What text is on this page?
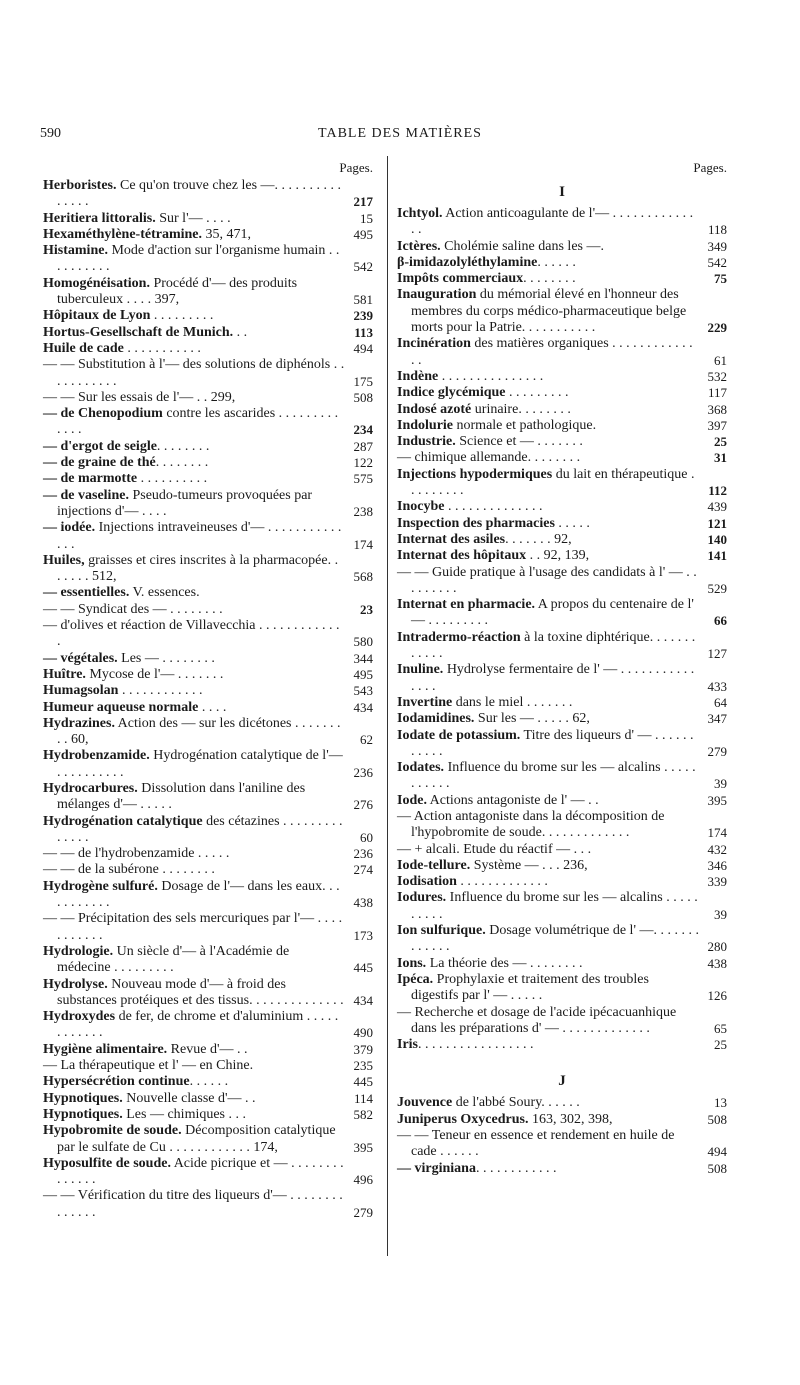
590	TABLE DES MATIÈRES
Pages.
Herboristes. Ce qu'on trouve chez les —. . . . . . . . . . . . . . .	217
Heritiera littoralis. Sur l'— . . . .	15
Hexaméthylène-tétramine. 35, 471,	495
Histamine. Mode d'action sur l'organisme humain . . . . . . . . . .	542
Homogénéisation. Procédé d'— des produits tuberculeux . . . . 397,	581
Hôpitaux de Lyon . . . . . . . . .	239
Hortus-Gesellschaft de Munich. . .	113
Huile de cade . . . . . . . . . . .	494
— — Substitution à l'— des solutions de diphénols . . . . . . . . . . .	175
— — Sur les essais de l'— . . 299,	508
— de Chenopodium contre les ascarides . . . . . . . . . . . . .	234
— d'ergot de seigle. . . . . . . .	287
— de graine de thé. . . . . . . .	122
— de marmotte . . . . . . . . . .	575
— de vaseline. Pseudo-tumeurs provoquées par injections d'— . . . .	238
— iodée. Injections intraveineuses d'— . . . . . . . . . . . . . .	174
Huiles, graisses et cires inscrites à la pharmacopée. . . . . . . 512,	568
— essentielles. V. essences.
— — Syndicat des — . . . . . . . .	23
— d'olives et réaction de Villavecchia . . . . . . . . . . . . .	580
— végétales. Les — . . . . . . . .	344
Huître. Mycose de l'— . . . . . . .	495
Humagsolan . . . . . . . . . . . .	543
Humeur aqueuse normale . . . .	434
Hydrazines. Action des — sur les dicétones . . . . . . . . . 60,	62
Hydrobenzamide. Hydrogénation catalytique de l'— . . . . . . . . . .	236
Hydrocarbures. Dissolution dans l'aniline des mélanges d'— . . . . .	276
Hydrogénation catalytique des cétazines . . . . . . . . . . . . . .	60
— — de l'hydrobenzamide . . . . .	236
— — de la subérone . . . . . . . .	274
Hydrogène sulfuré. Dosage de l'— dans les eaux. . . . . . . . . . .	438
— — Précipitation des sels mercuriques par l'— . . . . . . . . . . .	173
Hydrologie. Un siècle d'— à l'Académie de médecine . . . . . . . . .	445
Hydrolyse. Nouveau mode d'— à froid des substances protéiques et des tissus. . . . . . . . . . . . . . 434
Hydroxydes de fer, de chrome et d'aluminium . . . . . . . . . . . .	490
Hygiène alimentaire. Revue d'— . .	379
— La thérapeutique et l' — en Chine.	235
Hypersécrétion continue. . . . . .	445
Hypnotiques. Nouvelle classe d'— . .	114
Hypnotiques. Les — chimiques . . .	582
Hypobromite de soude. Décomposition catalytique par le sulfate de Cu . . . . . . . . . . . . 174,	395
Hyposulfite de soude. Acide picrique et — . . . . . . . . . . . . . .	496
— — Vérification du titre des liqueurs d'— . . . . . . . . . . . . . .	279
Pages.
I
Ichtyol. Action anticoagulante de l'— . . . . . . . . . . . . . .	118
Ictères. Cholémie saline dans les —.	349
β-imidazolyléthylamine. . . . . .	542
Impôts commerciaux. . . . . . . .	75
Inauguration du mémorial élevé en l'honneur des membres du corps médico-pharmaceutique belge morts pour la Patrie. . . . . . . . . . .	229
Incinération des matières organiques . . . . . . . . . . . . . .	61
Indène . . . . . . . . . . . . . . .	532
Indice glycémique . . . . . . . . .	117
Indosé azoté urinaire. . . . . . . .	368
Indolurie normale et pathologique.	397
Industrie. Science et — . . . . . . .	25
— chimique allemande. . . . . . . .	31
Injections hypodermiques du lait en thérapeutique . . . . . . . . .	112
Inocybe . . . . . . . . . . . . . .	439
Inspection des pharmacies . . . . .	121
Internat des asiles. . . . . . . 92,	140
Internat des hôpitaux . . 92, 139,	141
— — Guide pratique à l'usage des candidats à l' — . . . . . . . . .	529
Internat en pharmacie. A propos du centenaire de l' — . . . . . . . . .	66
Intradermo-réaction à la toxine diphtérique. . . . . . . . . . . .	127
Inuline. Hydrolyse fermentaire de l' — . . . . . . . . . . . . . . .	433
Invertine dans le miel . . . . . . .	64
Iodamidines. Sur les — . . . . . 62,	347
Iodate de potassium. Titre des liqueurs d' — . . . . . . . . . . .	279
Iodates. Influence du brome sur les — alcalins . . . . . . . . . . .	39
Iode. Actions antagoniste de l' — . .	395
— Action antagoniste dans la décomposition de l'hypobromite de soude. . . . . . . . . . . . .	174
— + alcali. Etude du réactif — . . .	432
Iode-tellure. Système — . . . 236,	346
Iodisation . . . . . . . . . . . . .	339
Iodures. Influence du brome sur les — alcalins . . . . . . . . . .	39
Ion sulfurique. Dosage volumétrique de l' —. . . . . . . . . . . . .	280
Ions. La théorie des — . . . . . . . .	438
Ipéca. Prophylaxie et traitement des troubles digestifs par l' — . . . . .	126
— Recherche et dosage de l'acide ipécacuanhique dans les préparations d' — . . . . . . . . . . . . .	65
Iris. . . . . . . . . . . . . . . . .	25
J
Jouvence de l'abbé Soury. . . . . .	13
Juniperus Oxycedrus. 163, 302, 398,	508
— — Teneur en essence et rendement en huile de cade . . . . . .	494
— virginiana. . . . . . . . . . . .	508
